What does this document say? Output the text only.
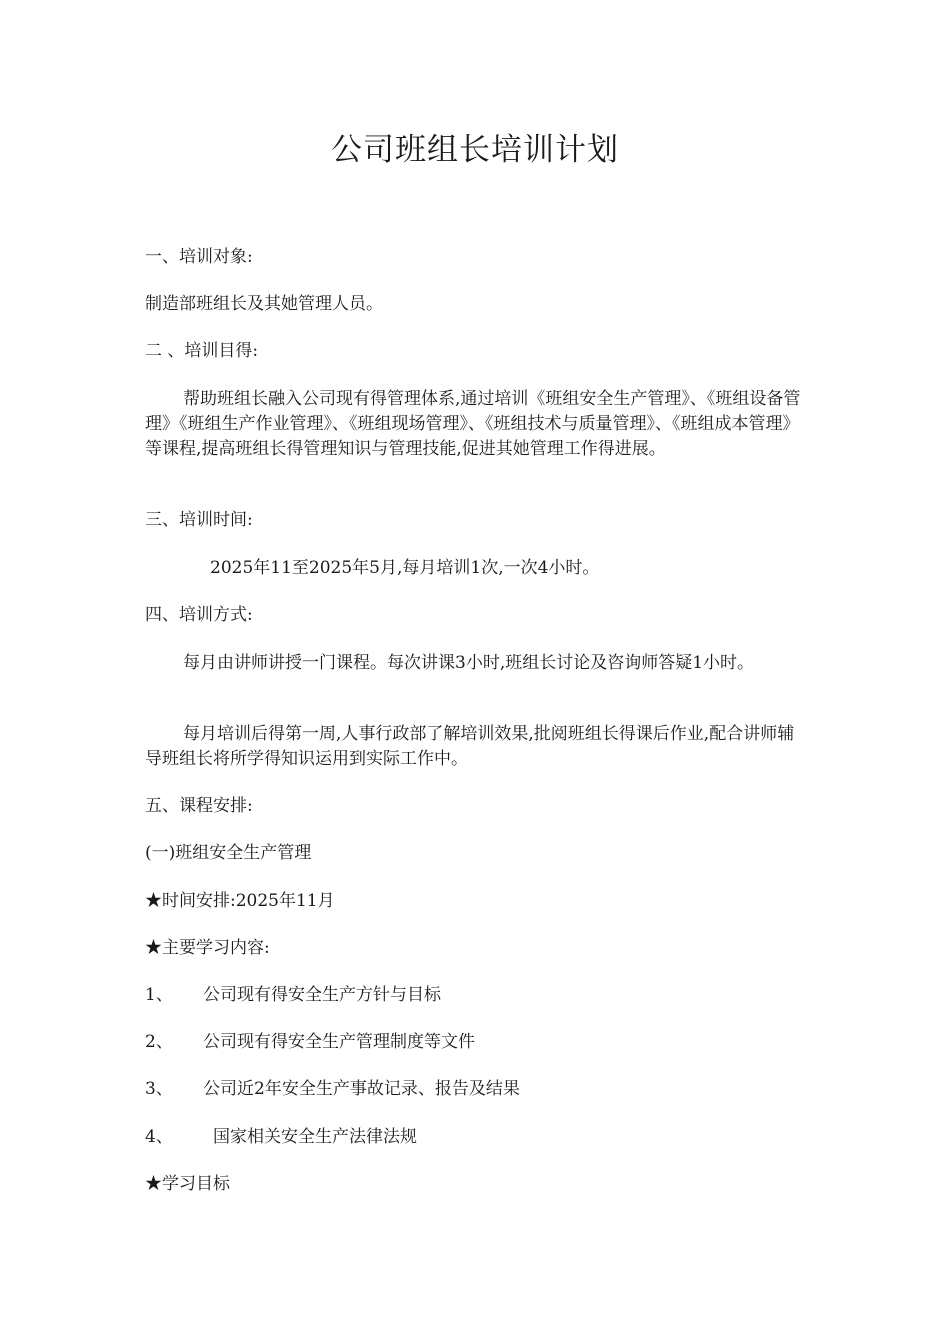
公司班组长培训计划
一、培训对象:
制造部班组长及其她管理人员。
二 、培训目得:
帮助班组长融入公司现有得管理体系,通过培训《班组安全生产管理》、《班组设备管理》《班组生产作业管理》、《班组现场管理》、《班组技术与质量管理》、《班组成本管理》等课程,提高班组长得管理知识与管理技能,促进其她管理工作得进展。
三、培训时间:
2025年11至2025年5月,每月培训1次,一次4小时。
四、培训方式:
每月由讲师讲授一门课程。每次讲课3小时,班组长讨论及咨询师答疑1小时。
每月培训后得第一周,人事行政部了解培训效果,批阅班组长得课后作业,配合讲师辅导班组长将所学得知识运用到实际工作中。
五、课程安排:
(一)班组安全生产管理
★时间安排:2025年11月
★主要学习内容:
1、 公司现有得安全生产方针与目标
2、 公司现有得安全生产管理制度等文件
3、 公司近2年安全生产事故记录、报告及结果
4、 国家相关安全生产法律法规
★学习目标
